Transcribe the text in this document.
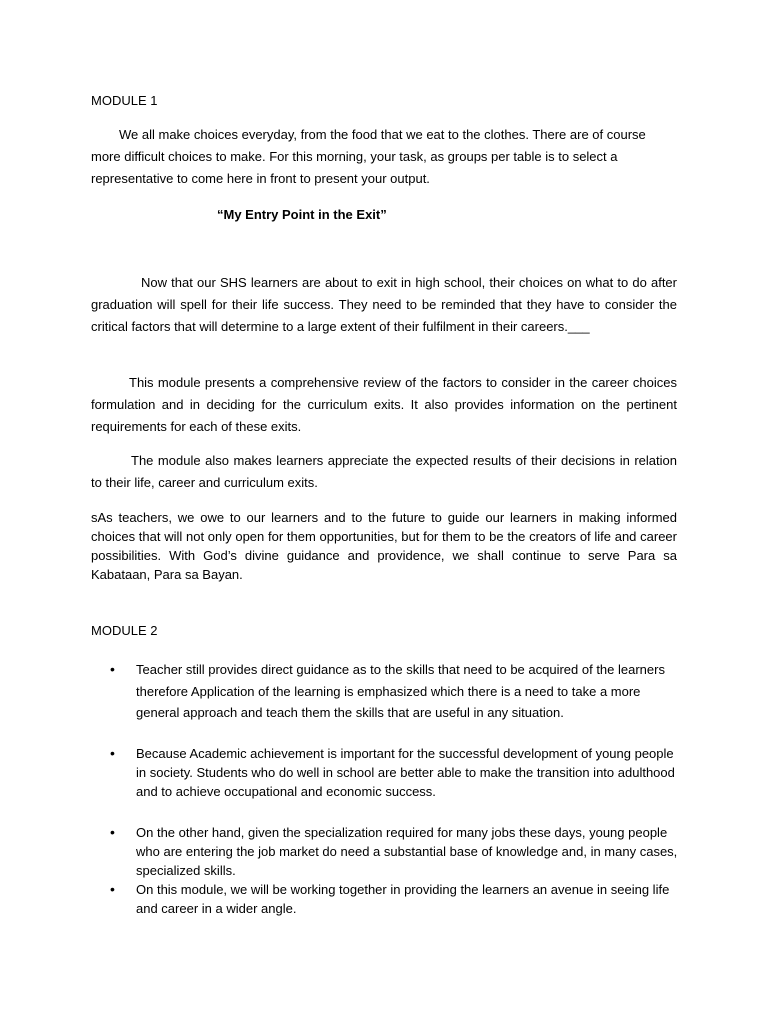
MODULE 1

We all make choices everyday, from the food that we eat to the clothes. There are of course more difficult choices to make. For this morning, your task, as groups per table is to select a representative to come here in front to present your output.

“My Entry Point in the Exit”

Now that our SHS learners are about to exit in high school, their choices on what to do after graduation will spell for their life success. They need to be reminded that they have to consider the critical factors that will determine to a large extent of their fulfilment in their careers.___

This module presents a comprehensive review of the factors to consider in the career choices formulation and in deciding for the curriculum exits. It also provides information on the pertinent requirements for each of these exits.

The module also makes learners appreciate the expected results of their decisions in relation to their life, career and curriculum exits.

sAs teachers, we owe to our learners and to the future to guide our learners in making informed choices that will not only open for them opportunities, but for them to be the creators of life and career possibilities. With God’s divine guidance and providence, we shall continue to serve Para sa Kabataan, Para sa Bayan.

MODULE 2
• Teacher still provides direct guidance as to the skills that need to be acquired of the learners therefore Application of the learning is emphasized which there is a need to take a more general approach and teach them the skills that are useful in any situation.
• Because Academic achievement is important for the successful development of young people in society. Students who do well in school are better able to make the transition into adulthood and to achieve occupational and economic success.
• On the other hand, given the specialization required for many jobs these days, young people who are entering the job market do need a substantial base of knowledge and, in many cases, specialized skills.
• On this module, we will be working together in providing the learners an avenue in seeing life and career in a wider angle.
